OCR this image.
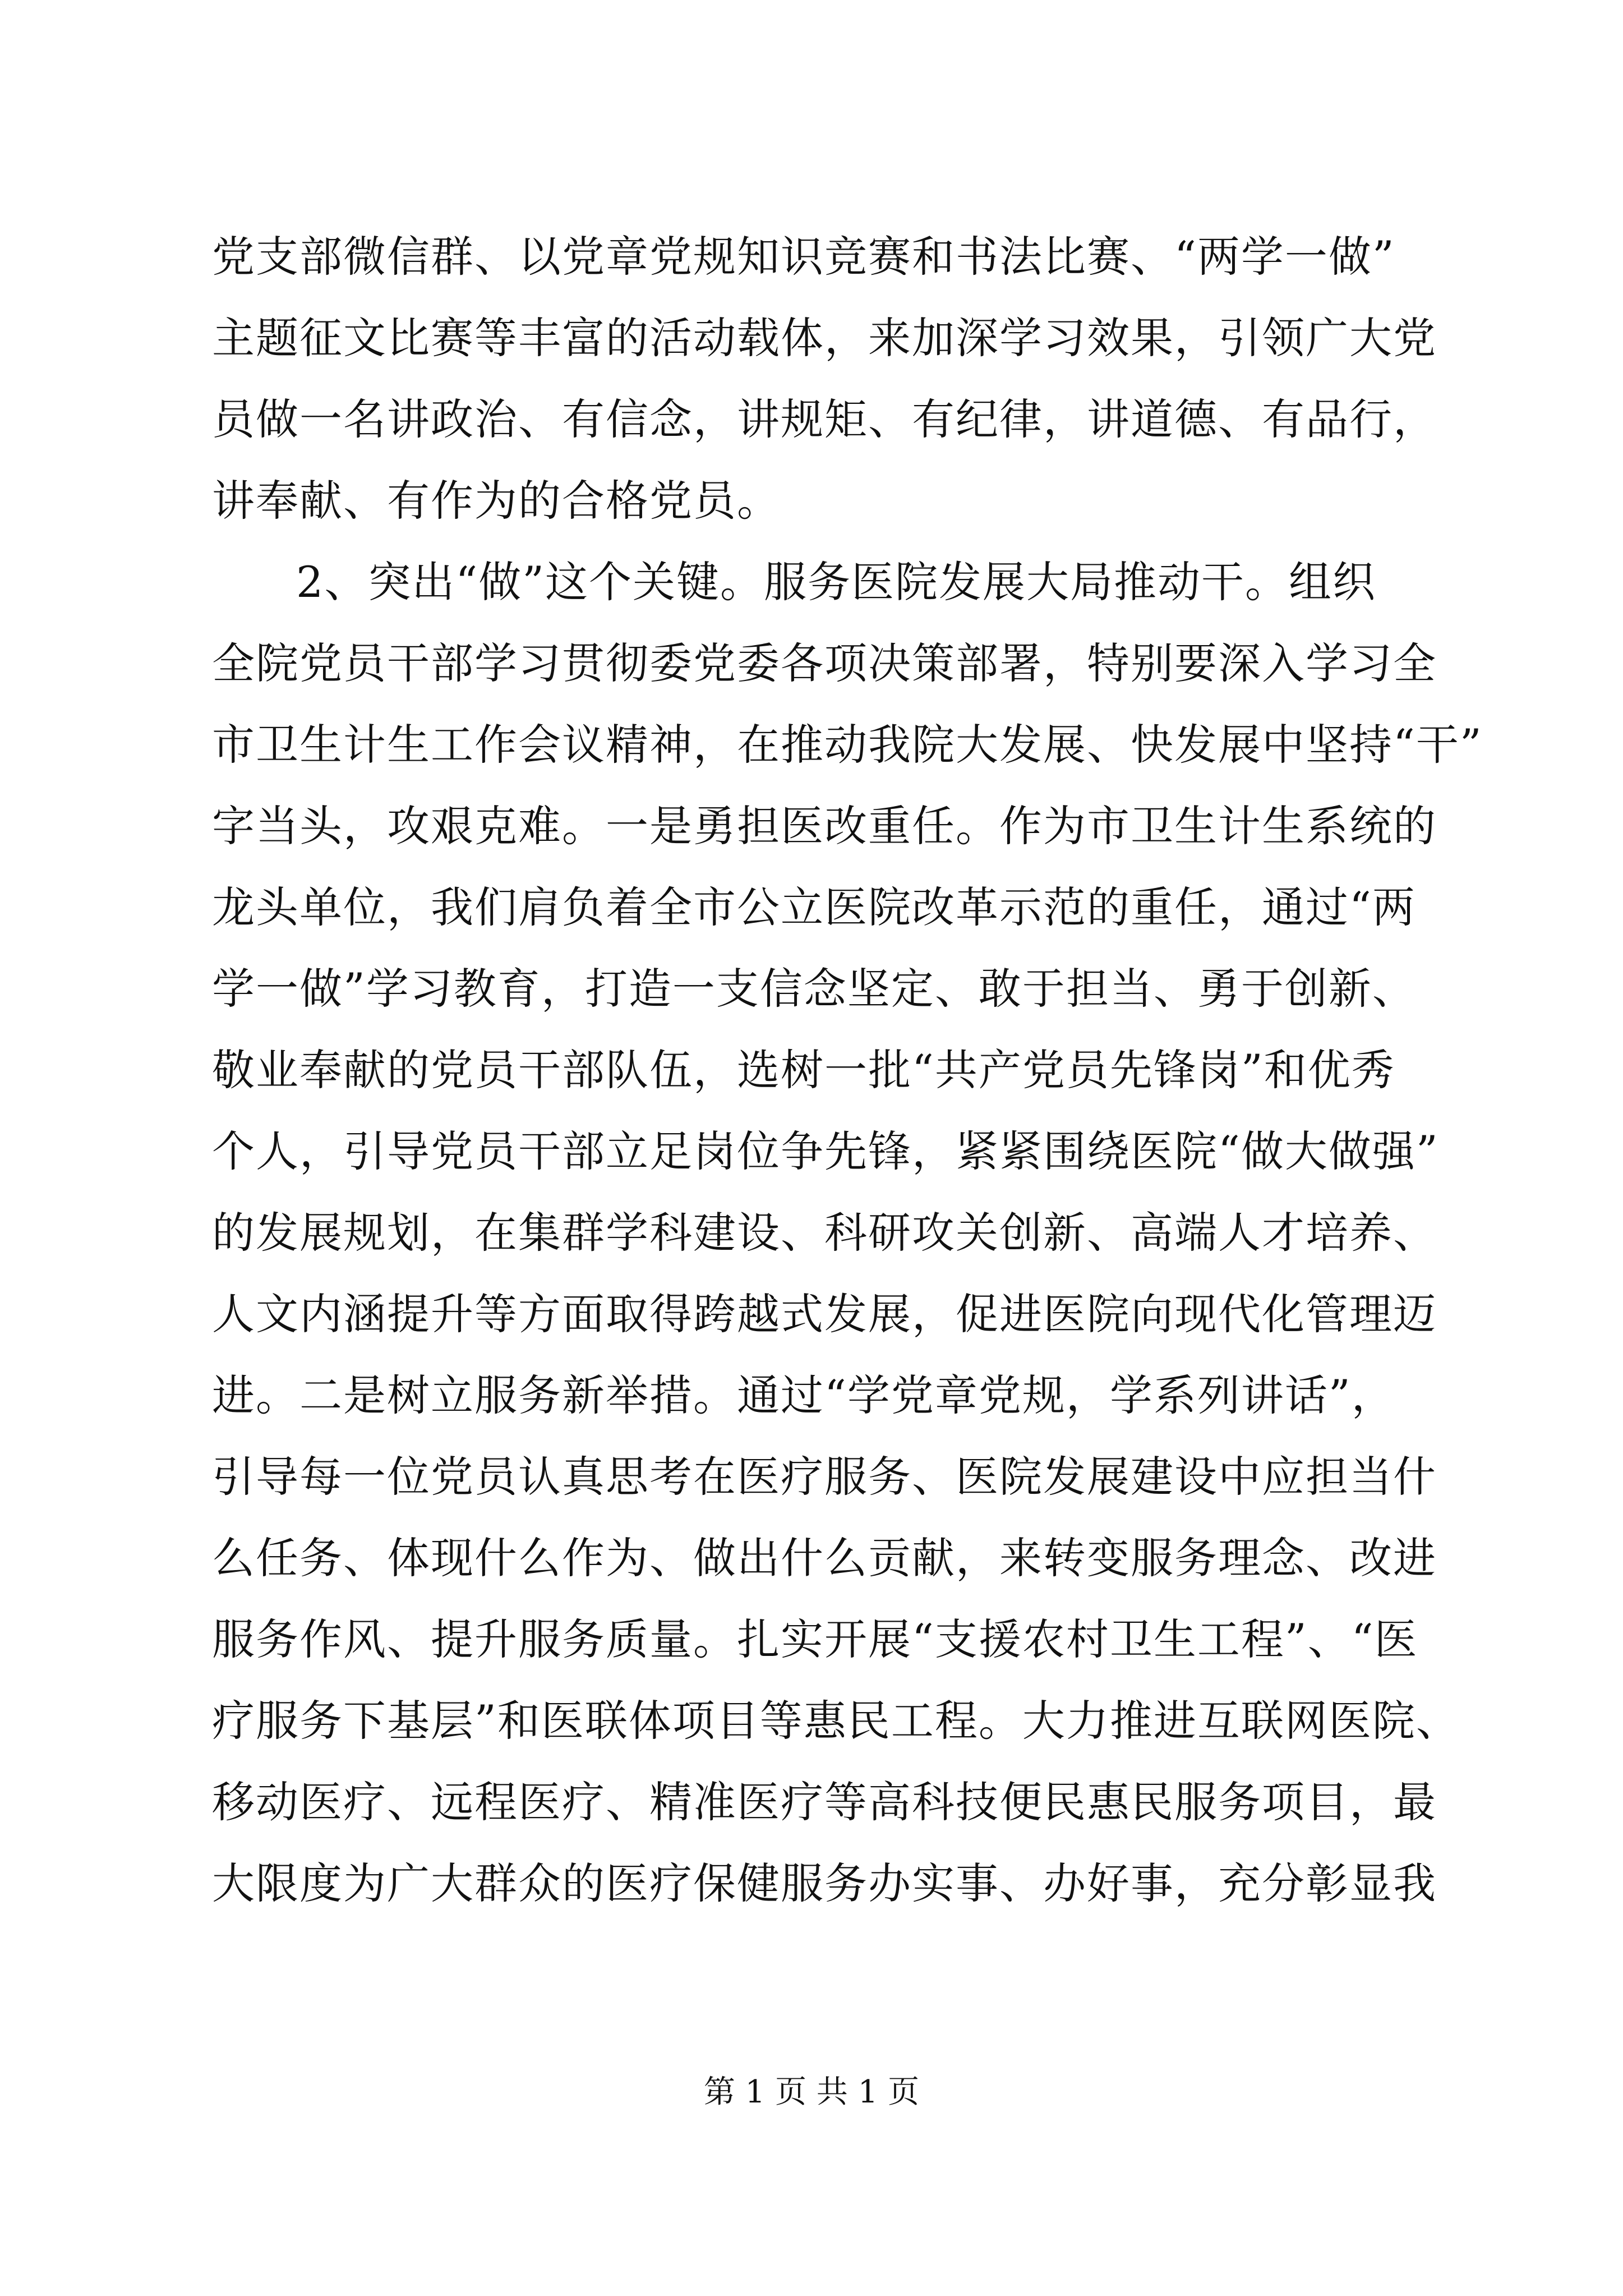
党支部微信群、以党章党规知识竞赛和书法比赛、“两学一做”
主题征文比赛等丰富的活动载体，来加深学习效果，引领广大党
员做一名讲政治、有信念，讲规矩、有纪律，讲道德、有品行，
讲奉献、有作为的合格党员。
2、突出“做”这个关键。服务医院发展大局推动干。组织
全院党员干部学习贯彻委党委各项决策部署，特别要深入学习全
市卫生计生工作会议精神，在推动我院大发展、快发展中坚持“干”
字当头，攻艰克难。一是勇担医改重任。作为市卫生计生系统的
龙头单位，我们肩负着全市公立医院改革示范的重任，通过“两
学一做”学习教育，打造一支信念坚定、敢于担当、勇于创新、
敬业奉献的党员干部队伍，选树一批“共产党员先锋岗”和优秀
个人，引导党员干部立足岗位争先锋，紧紧围绕医院“做大做强”
的发展规划，在集群学科建设、科研攻关创新、高端人才培养、
人文内涵提升等方面取得跨越式发展，促进医院向现代化管理迈
进。二是树立服务新举措。通过“学党章党规，学系列讲话”，
引导每一位党员认真思考在医疗服务、医院发展建设中应担当什
么任务、体现什么作为、做出什么贡献，来转变服务理念、改进
服务作风、提升服务质量。扎实开展“支援农村卫生工程”、“医
疗服务下基层”和医联体项目等惠民工程。大力推进互联网医院、
移动医疗、远程医疗、精准医疗等高科技便民惠民服务项目，最
大限度为广大群众的医疗保健服务办实事、办好事，充分彰显我
第 1 页 共 1 页
